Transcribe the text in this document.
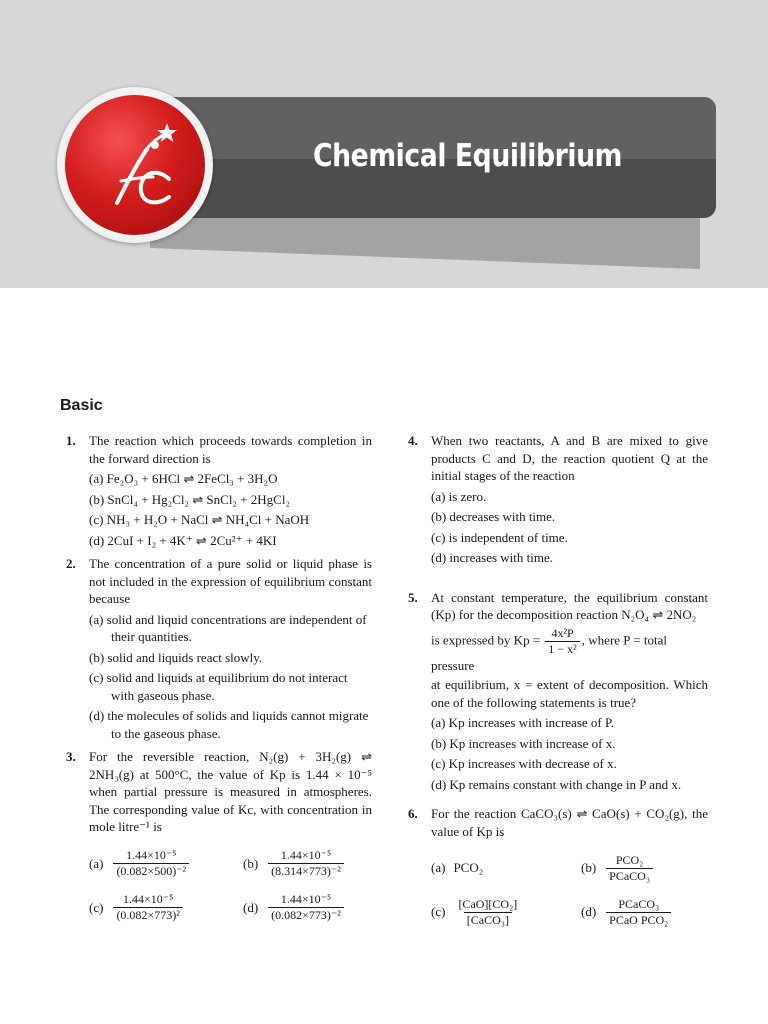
Chemical Equilibrium
Basic
1. The reaction which proceeds towards completion in the forward direction is
(a) Fe₂O₃ + 6HCl ⇌ 2FeCl₃ + 3H₂O
(b) SnCl₄ + Hg₂Cl₂ ⇌ SnCl₂ + 2HgCl₂
(c) NH₃ + H₂O + NaCl ⇌ NH₄Cl + NaOH
(d) 2CuI + I₂ + 4K⁺ ⇌ 2Cu²⁺ + 4KI
2. The concentration of a pure solid or liquid phase is not included in the expression of equilibrium constant because
(a) solid and liquid concentrations are independent of their quantities.
(b) solid and liquids react slowly.
(c) solid and liquids at equilibrium do not interact with gaseous phase.
(d) the molecules of solids and liquids cannot migrate to the gaseous phase.
3. For the reversible reaction, N₂(g) + 3H₂(g) ⇌ 2NH₃(g) at 500°C, the value of Kp is 1.44 × 10⁻⁵ when partial pressure is measured in atmospheres. The corresponding value of Kc, with concentration in mole litre⁻¹ is
$(a) \frac{\text{1.44×10⁻⁵}}{\text{(0.082×500)⁻²}}$	$(b) \frac{\text{1.44×10⁻⁵}}{\text{(8.314×773)⁻²}}$
$(c) \frac{\text{1.44×10⁻⁵}}{\text{(0.082×773)²}}$	$(d) \frac{\text{1.44×10⁻⁵}}{\text{(0.082×773)⁻²}}$
4. When two reactants, A and B are mixed to give products C and D, the reaction quotient Q at the initial stages of the reaction
(a) is zero.
(b) decreases with time.
(c) is independent of time.
(d) increases with time.
5. At constant temperature, the equilibrium constant (Kp) for the decomposition reaction N₂O₄ ⇌ 2NO₂
is expressed by $Kp = \frac{\text{4x²P}}{\text{1 − x²}}$ , where P = total pressure
at equilibrium, x = extent of decomposition. Which one of the following statements is true?
(a) Kp increases with increase of P.
(b) Kp increases with increase of x.
(c) Kp increases with decrease of x.
(d) Kp remains constant with change in P and x.
6. For the reaction CaCO₃(s) ⇌ CaO(s) + CO₂(g), the value of Kp is
(a) PCO₂	$(b) \frac{\text{PCO₂}}{\text{PCaCO₃}}$
$(c) \frac{\text{[CaO][CO₂]}}{\text{[CaCO₃]}}$	$(d) \frac{\text{PCaCO₃}}{\text{PCaO PCO₂}}$
